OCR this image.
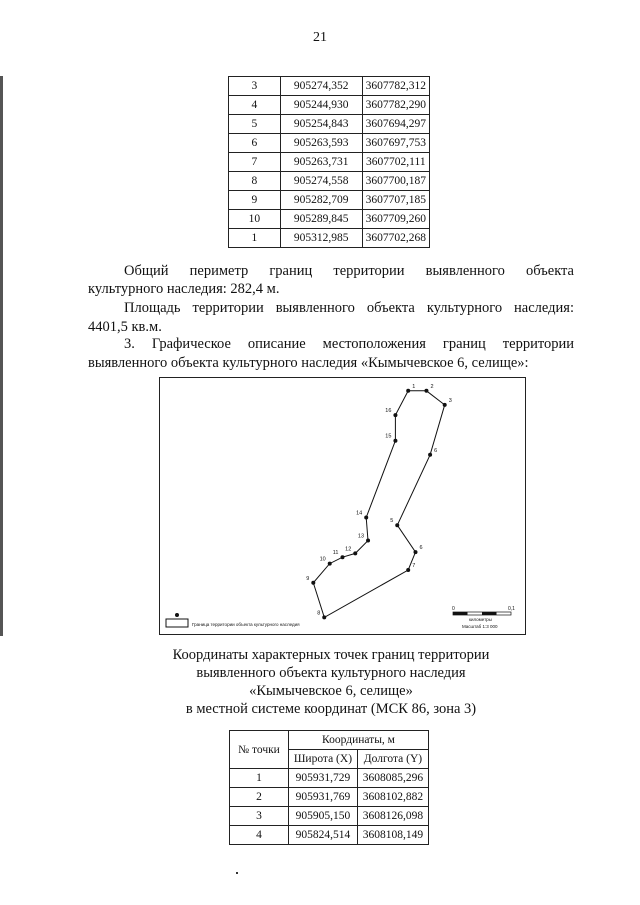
21
3	905274,352	3607782,312
4	905244,930	3607782,290
5	905254,843	3607694,297
6	905263,593	3607697,753
7	905263,731	3607702,111
8	905274,558	3607700,187
9	905282,709	3607707,185
10	905289,845	3607709,260
1	905312,985	3607702,268
Общий периметр границ территории выявленного объекта
культурного наследия: 282,4 м.
Площадь территории выявленного объекта культурного наследия:
4401,5 кв.м.
3. Графическое описание местоположения границ территории
выявленного объекта культурного наследия «Кымычевское 6, селище»:
1	2
3
6
5
6
7
8
9
10
11
12
13
14
15
16
Граница территории объекта культурного наследия
0	0,1
километры
Масштаб 1:3 000
Координаты характерных точек границ территории
выявленного объекта культурного наследия
«Кымычевское 6, селище»
в местной системе координат (МСК 86, зона 3)
№ точки	Координаты, м	
	Широта (X)	Долгота (Y)
1	905931,729	3608085,296
2	905931,769	3608102,882
3	905905,150	3608126,098
4	905824,514	3608108,149
